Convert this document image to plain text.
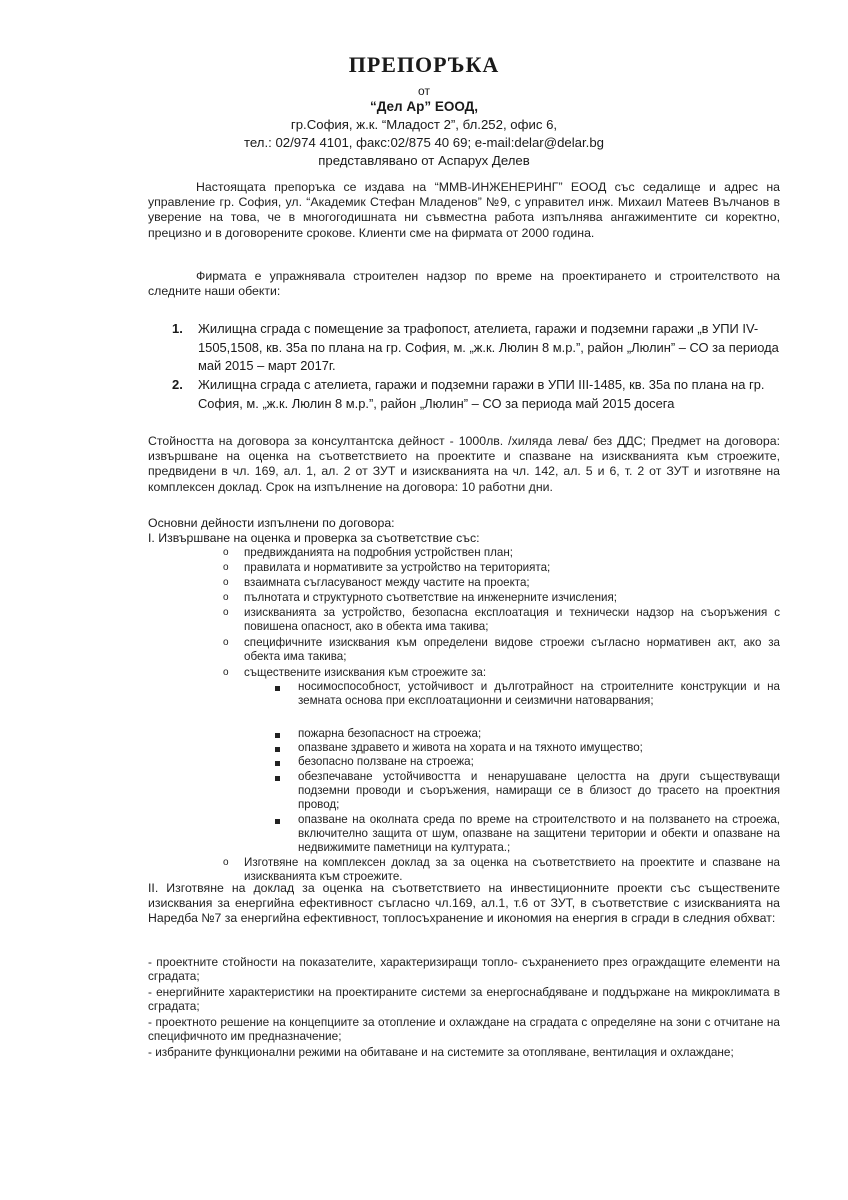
ПРЕПОРЪКА
от
“Дел Ар” ЕООД,
гр.София, ж.к. “Младост 2”, бл.252, офис 6,
тел.: 02/974 4101, факс:02/875 40 69; e-mail:delar@delar.bg
представлявано от Аспарух Делев
Настоящата препоръка се издава на “ММВ-ИНЖЕНЕРИНГ” ЕООД със седалище и адрес на управление гр. София, ул. “Академик Стефан Младенов” №9, с управител инж. Михаил Матеев Вълчанов в уверение на това, че в многогодишната ни съвместна работа изпълнява ангажиментите си коректно, прецизно и в договорените срокове. Клиенти сме на фирмата от 2000 година.
Фирмата е упражнявала строителен надзор по време на проектирането и строителството на следните наши обекти:
1. Жилищна сграда с помещение за трафопост, ателиета, гаражи и подземни гаражи „в УПИ IV-1505,1508, кв. 35а по плана на гр. София, м. „ж.к. Люлин 8 м.р.”, район „Люлин” – СО за периода май 2015 – март 2017г.
2. Жилищна сграда с ателиета, гаражи и подземни гаражи в УПИ III-1485, кв. 35а по плана на гр. София, м. „ж.к. Люлин 8 м.р.”, район „Люлин” – СО за периода май 2015 досега
Стойността на договора за консултантска дейност - 1000лв. /хиляда лева/ без ДДС; Предмет на договора: извършване на оценка на съответствието на проектите и спазване на изискванията към строежите, предвидени в чл. 169, ал. 1, ал. 2 от ЗУТ и изискванията на чл. 142, ал. 5 и 6, т. 2 от ЗУТ и изготвяне на комплексен доклад. Срок на изпълнение на договора: 10 работни дни.
Основни дейности изпълнени по договора:
I. Извършване на оценка и проверка за съответствие със:
o предвижданията на подробния устройствен план;
o правилата и нормативите за устройство на територията;
o взаимната съгласуваност между частите на проекта;
o пълнотата и структурното съответствие на инженерните изчисления;
o изискванията за устройство, безопасна експлоатация и технически надзор на съоръжения с повишена опасност, ако в обекта има такива;
o специфичните изисквания към определени видове строежи съгласно нормативен акт, ако за обекта има такива;
o съществените изисквания към строежите за:
носимоспособност, устойчивост и дълготрайност на строителните конструкции и на земната основа при експлоатационни и сеизмични натоварвания;
пожарна безопасност на строежа;
опазване здравето и живота на хората и на тяхното имущество;
безопасно ползване на строежа;
обезпечаване устойчивостта и ненарушаване целостта на други съществуващи подземни проводи и съоръжения, намиращи се в близост до трасето на проектния провод;
опазване на околната среда по време на строителството и на ползването на строежа, включително защита от шум, опазване на защитени територии и обекти и опазване на недвижимите паметници на културата.;
o Изготвяне на комплексен доклад за за оценка на съответствието на проектите и спазване на изискванията към строежите.
II. Изготвяне на доклад за оценка на съответствието на инвестиционните проекти със съществените изисквания за енергийна ефективност съгласно чл.169, ал.1, т.6 от ЗУТ, в съответствие с изискванията на Наредба №7 за енергийна ефективност, топлосъхранение и икономия на енергия в сгради в следния обхват:
- проектните стойности на показателите, характеризиращи топло- съхранението през ограждащите елементи на сградата;
- енергийните характеристики на проектираните системи за енергоснабдяване и поддържане на микроклимата в сградата;
- проектното решение на концепциите за отопление и охлаждане на сградата с определяне на зони с отчитане на специфичното им предназначение;
- избраните функционални режими на обитаване и на системите за отопляване, вентилация и охлаждане;
